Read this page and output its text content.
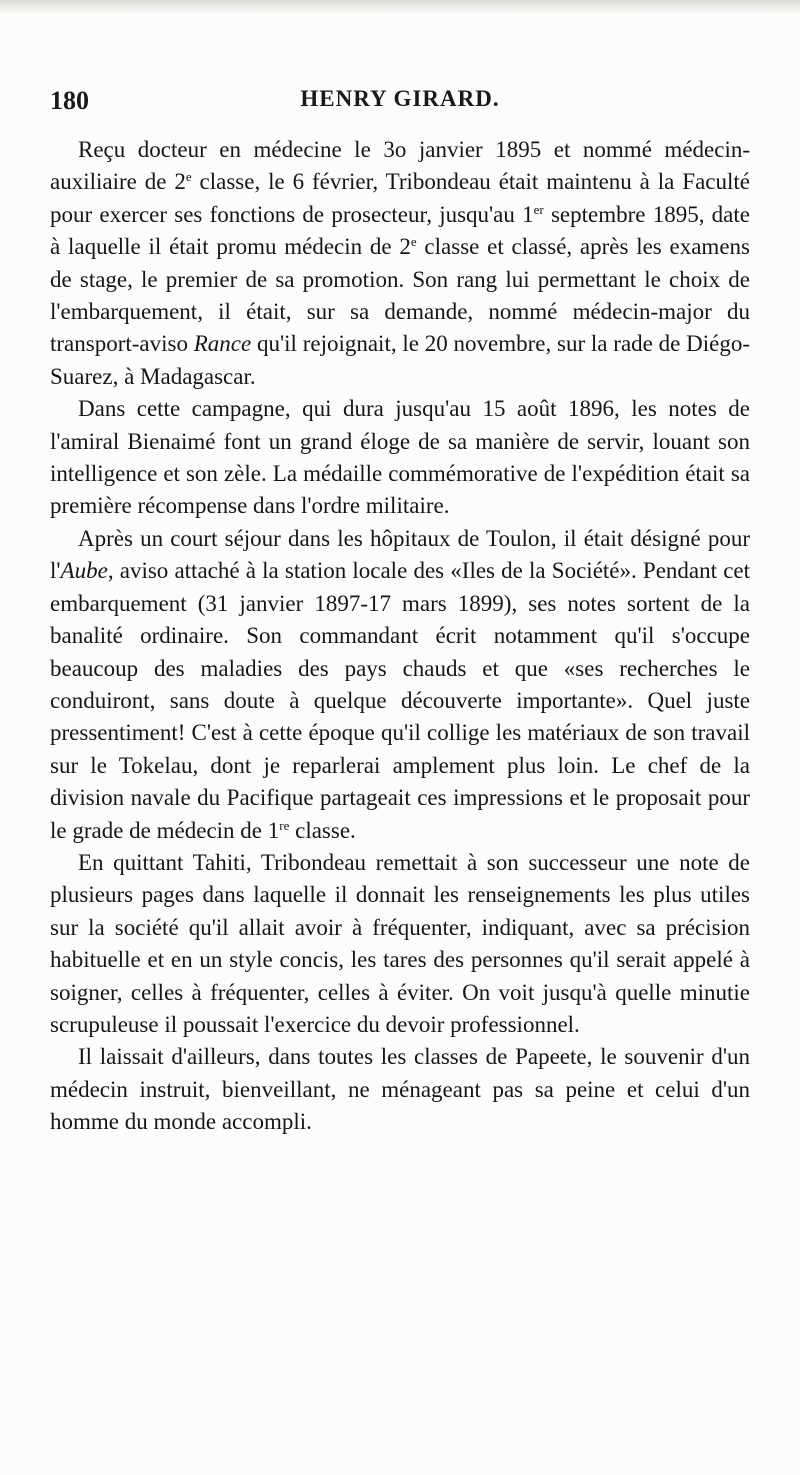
180	HENRY GIRARD.

Reçu docteur en médecine le 3o janvier 1895 et nommé médecin-auxiliaire de 2e classe, le 6 février, Tribondeau était maintenu à la Faculté pour exercer ses fonctions de prosecteur, jusqu'au 1er septembre 1895, date à laquelle il était promu médecin de 2e classe et classé, après les examens de stage, le premier de sa promotion. Son rang lui permettant le choix de l'embarquement, il était, sur sa demande, nommé médecin-major du transport-aviso Rance qu'il rejoignait, le 20 novembre, sur la rade de Diégo-Suarez, à Madagascar.

Dans cette campagne, qui dura jusqu'au 15 août 1896, les notes de l'amiral Bienaimé font un grand éloge de sa manière de servir, louant son intelligence et son zèle. La médaille commémorative de l'expédition était sa première récompense dans l'ordre militaire.

Après un court séjour dans les hôpitaux de Toulon, il était désigné pour l'Aube, aviso attaché à la station locale des «Iles de la Société». Pendant cet embarquement (31 janvier 1897-17 mars 1899), ses notes sortent de la banalité ordinaire. Son commandant écrit notamment qu'il s'occupe beaucoup des maladies des pays chauds et que «ses recherches le conduiront, sans doute à quelque découverte importante». Quel juste pressentiment! C'est à cette époque qu'il collige les matériaux de son travail sur le Tokelau, dont je reparlerai amplement plus loin. Le chef de la division navale du Pacifique partageait ces impressions et le proposait pour le grade de médecin de 1re classe.

En quittant Tahiti, Tribondeau remettait à son successeur une note de plusieurs pages dans laquelle il donnait les renseignements les plus utiles sur la société qu'il allait avoir à fréquenter, indiquant, avec sa précision habituelle et en un style concis, les tares des personnes qu'il serait appelé à soigner, celles à fréquenter, celles à éviter. On voit jusqu'à quelle minutie scrupuleuse il poussait l'exercice du devoir professionnel.

Il laissait d'ailleurs, dans toutes les classes de Papeete, le souvenir d'un médecin instruit, bienveillant, ne ménageant pas sa peine et celui d'un homme du monde accompli.
